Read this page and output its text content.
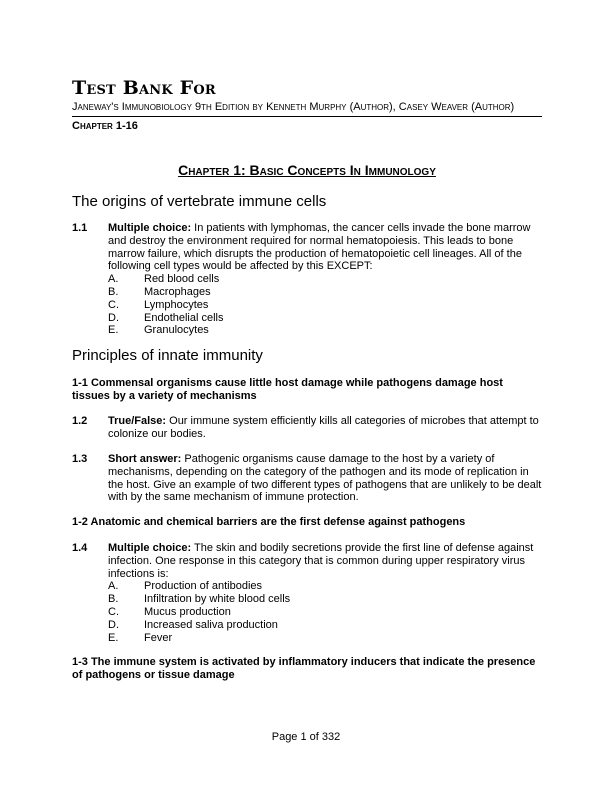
Test Bank For
Janeway's Immunobiology 9th Edition by Kenneth Murphy (Author), Casey Weaver (Author)
Chapter 1-16
Chapter 1: Basic Concepts In Immunology
The origins of vertebrate immune cells
1.1 Multiple choice: In patients with lymphomas, the cancer cells invade the bone marrow and destroy the environment required for normal hematopoiesis. This leads to bone marrow failure, which disrupts the production of hematopoietic cell lineages. All of the following cell types would be affected by this EXCEPT:
A.	Red blood cells
B.	Macrophages
C.	Lymphocytes
D.	Endothelial cells
E.	Granulocytes
Principles of innate immunity
1-1 Commensal organisms cause little host damage while pathogens damage host tissues by a variety of mechanisms
1.2 True/False: Our immune system efficiently kills all categories of microbes that attempt to colonize our bodies.
1.3 Short answer: Pathogenic organisms cause damage to the host by a variety of mechanisms, depending on the category of the pathogen and its mode of replication in the host. Give an example of two different types of pathogens that are unlikely to be dealt with by the same mechanism of immune protection.
1-2 Anatomic and chemical barriers are the first defense against pathogens
1.4 Multiple choice: The skin and bodily secretions provide the first line of defense against infection. One response in this category that is common during upper respiratory virus infections is:
A.	Production of antibodies
B.	Infiltration by white blood cells
C.	Mucus production
D.	Increased saliva production
E.	Fever
1-3 The immune system is activated by inflammatory inducers that indicate the presence of pathogens or tissue damage
Page 1 of 332
